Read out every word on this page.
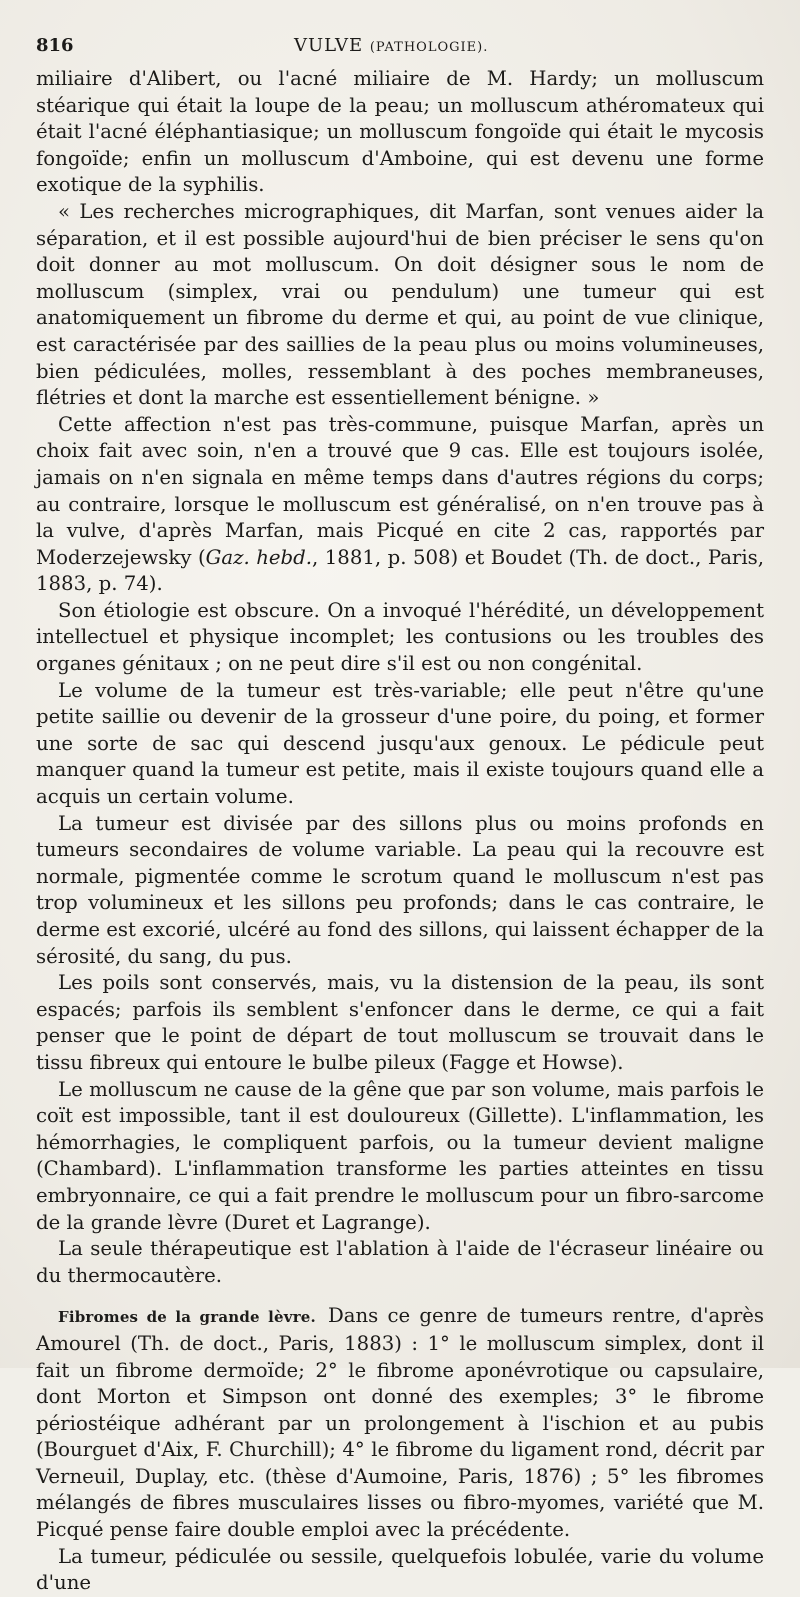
816	VULVE (PATHOLOGIE).

miliaire d'Alibert, ou l'acné miliaire de M. Hardy; un molluscum stéarique qui était la loupe de la peau; un molluscum athéromateux qui était l'acné éléphantiasique; un molluscum fongoïde qui était le mycosis fongoïde; enfin un molluscum d'Amboine, qui est devenu une forme exotique de la syphilis.

« Les recherches micrographiques, dit Marfan, sont venues aider la séparation, et il est possible aujourd'hui de bien préciser le sens qu'on doit donner au mot molluscum. On doit désigner sous le nom de molluscum (simplex, vrai ou pendulum) une tumeur qui est anatomiquement un fibrome du derme et qui, au point de vue clinique, est caractérisée par des saillies de la peau plus ou moins volumineuses, bien pédiculées, molles, ressemblant à des poches membraneuses, flétries et dont la marche est essentiellement bénigne. »

Cette affection n'est pas très-commune, puisque Marfan, après un choix fait avec soin, n'en a trouvé que 9 cas. Elle est toujours isolée, jamais on n'en signala en même temps dans d'autres régions du corps; au contraire, lorsque le molluscum est généralisé, on n'en trouve pas à la vulve, d'après Marfan, mais Picqué en cite 2 cas, rapportés par Moderzejewsky (Gaz. hebd., 1881, p. 508) et Boudet (Th. de doct., Paris, 1883, p. 74).

Son étiologie est obscure. On a invoqué l'hérédité, un développement intellectuel et physique incomplet; les contusions ou les troubles des organes génitaux ; on ne peut dire s'il est ou non congénital.

Le volume de la tumeur est très-variable; elle peut n'être qu'une petite saillie ou devenir de la grosseur d'une poire, du poing, et former une sorte de sac qui descend jusqu'aux genoux. Le pédicule peut manquer quand la tumeur est petite, mais il existe toujours quand elle a acquis un certain volume.

La tumeur est divisée par des sillons plus ou moins profonds en tumeurs secondaires de volume variable. La peau qui la recouvre est normale, pigmentée comme le scrotum quand le molluscum n'est pas trop volumineux et les sillons peu profonds; dans le cas contraire, le derme est excorié, ulcéré au fond des sillons, qui laissent échapper de la sérosité, du sang, du pus.

Les poils sont conservés, mais, vu la distension de la peau, ils sont espacés; parfois ils semblent s'enfoncer dans le derme, ce qui a fait penser que le point de départ de tout molluscum se trouvait dans le tissu fibreux qui entoure le bulbe pileux (Fagge et Howse).

Le molluscum ne cause de la gêne que par son volume, mais parfois le coït est impossible, tant il est douloureux (Gillette). L'inflammation, les hémorrhagies, le compliquent parfois, ou la tumeur devient maligne (Chambard). L'inflammation transforme les parties atteintes en tissu embryonnaire, ce qui a fait prendre le molluscum pour un fibro-sarcome de la grande lèvre (Duret et Lagrange).

La seule thérapeutique est l'ablation à l'aide de l'écraseur linéaire ou du thermocautère.

Fibromes de la grande lèvre. Dans ce genre de tumeurs rentre, d'après Amourel (Th. de doct., Paris, 1883) : 1° le molluscum simplex, dont il fait un fibrome dermoïde; 2° le fibrome aponévrotique ou capsulaire, dont Morton et Simpson ont donné des exemples; 3° le fibrome périostéique adhérant par un prolongement à l'ischion et au pubis (Bourguet d'Aix, F. Churchill); 4° le fibrome du ligament rond, décrit par Verneuil, Duplay, etc. (thèse d'Aumoine, Paris, 1876) ; 5° les fibromes mélangés de fibres musculaires lisses ou fibro-myomes, variété que M. Picqué pense faire double emploi avec la précédente.

La tumeur, pédiculée ou sessile, quelquefois lobulée, varie du volume d'une
